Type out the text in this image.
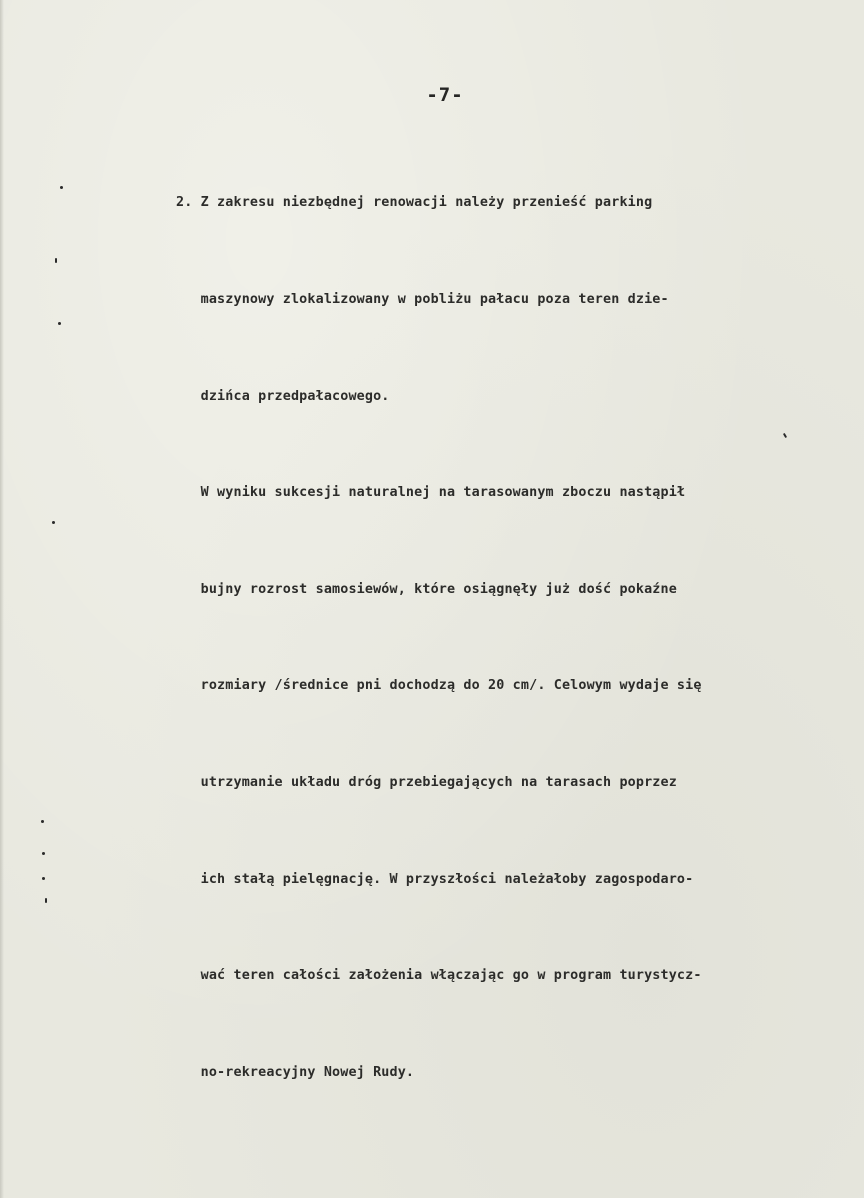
-7-

2. Z zakresu niezbędnej renowacji należy przenieść parking

maszynowy zlokalizowany w pobliżu pałacu poza teren dzie-

dzińca przedpałacowego.

W wyniku sukcesji naturalnej na tarasowanym zboczu nastąpił

bujny rozrost samosiewów, które osiągnęły już dość pokaźne

rozmiary /średnice pni dochodzą do 20 cm/. Celowym wydaje się

utrzymanie układu dróg przebiegających na tarasach poprzez

ich stałą pielęgnację. W przyszłości należałoby zagospodaro-

wać teren całości założenia włączając go w program turystycz-

no-rekreacyjny Nowej Rudy.
